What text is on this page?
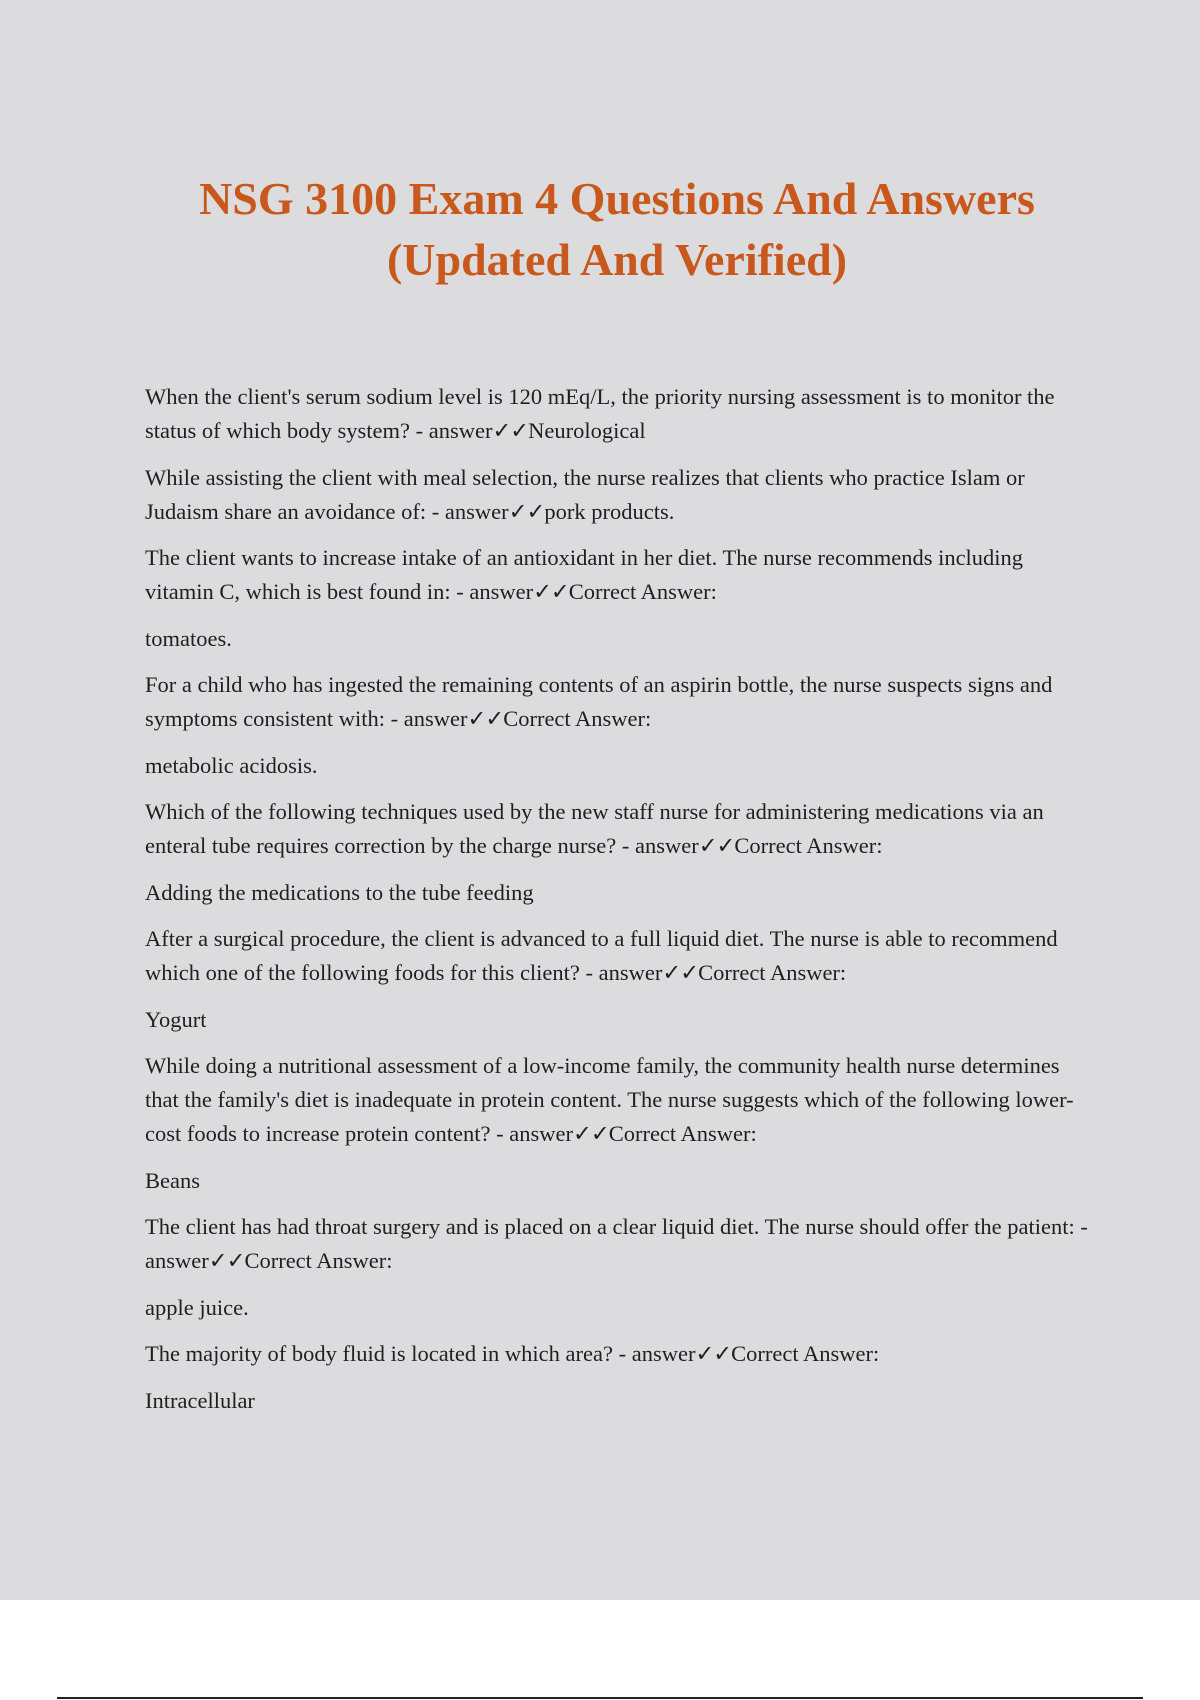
NSG 3100 Exam 4 Questions And Answers
(Updated And Verified)

When the client's serum sodium level is 120 mEq/L, the priority nursing assessment is to monitor the status of which body system? - answer✓✓Neurological

While assisting the client with meal selection, the nurse realizes that clients who practice Islam or Judaism share an avoidance of: - answer✓✓pork products.

The client wants to increase intake of an antioxidant in her diet. The nurse recommends including vitamin C, which is best found in: - answer✓✓Correct Answer:

tomatoes.

For a child who has ingested the remaining contents of an aspirin bottle, the nurse suspects signs and symptoms consistent with: - answer✓✓Correct Answer:

metabolic acidosis.

Which of the following techniques used by the new staff nurse for administering medications via an enteral tube requires correction by the charge nurse? - answer✓✓Correct Answer:

Adding the medications to the tube feeding

After a surgical procedure, the client is advanced to a full liquid diet. The nurse is able to recommend which one of the following foods for this client? - answer✓✓Correct Answer:

Yogurt

While doing a nutritional assessment of a low-income family, the community health nurse determines that the family's diet is inadequate in protein content. The nurse suggests which of the following lower-cost foods to increase protein content? - answer✓✓Correct Answer:

Beans

The client has had throat surgery and is placed on a clear liquid diet. The nurse should offer the patient: - answer✓✓Correct Answer:

apple juice.

The majority of body fluid is located in which area? - answer✓✓Correct Answer:

Intracellular
